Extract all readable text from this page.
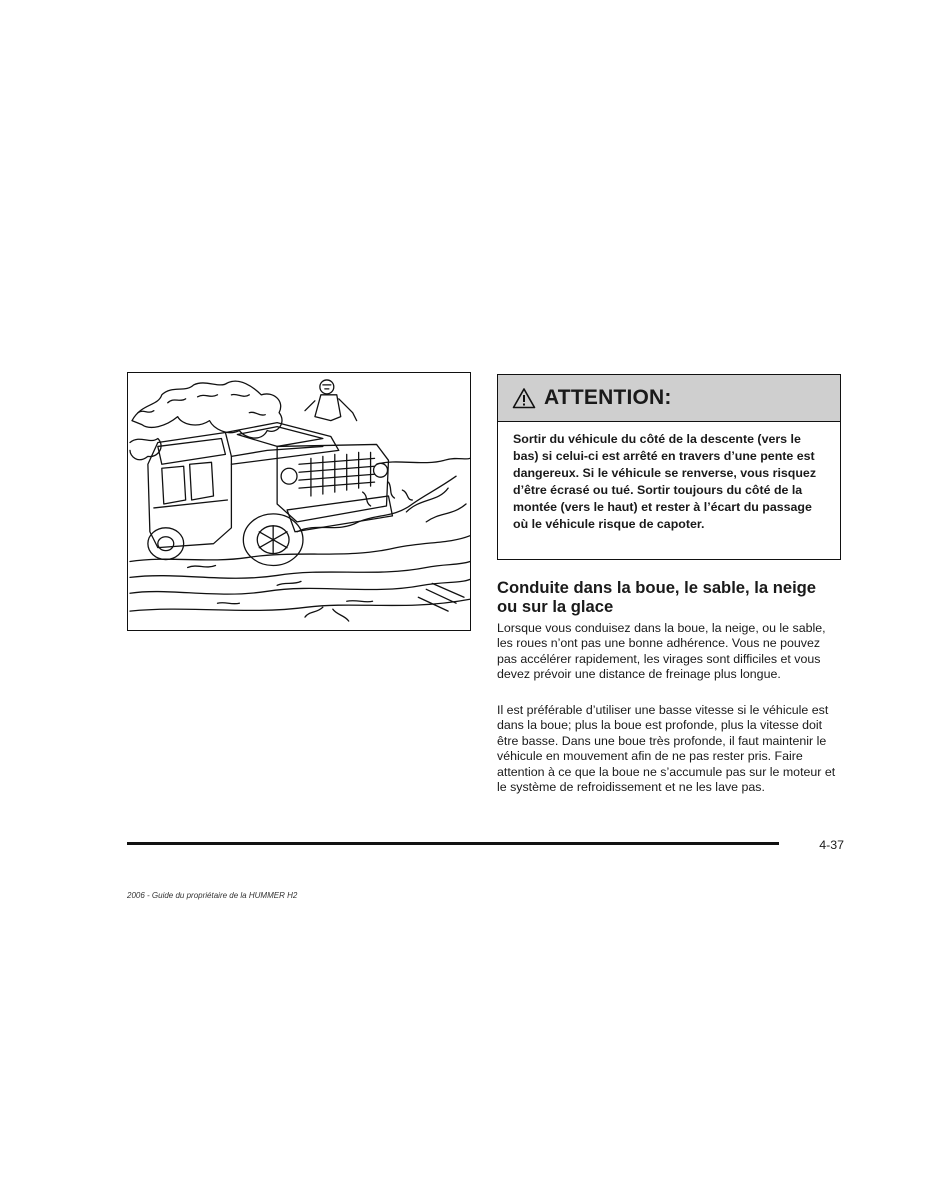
ATTENTION:
Sortir du véhicule du côté de la descente (vers le bas) si celui-ci est arrêté en travers d’une pente est dangereux. Si le véhicule se renverse, vous risquez d’être écrasé ou tué. Sortir toujours du côté de la montée (vers le haut) et rester à l’écart du passage où le véhicule risque de capoter.
Conduite dans la boue, le sable, la neige ou sur la glace

Lorsque vous conduisez dans la boue, la neige, ou le sable, les roues n’ont pas une bonne adhérence. Vous ne pouvez pas accélérer rapidement, les virages sont difficiles et vous devez prévoir une distance de freinage plus longue.

Il est préférable d’utiliser une basse vitesse si le véhicule est dans la boue; plus la boue est profonde, plus la vitesse doit être basse. Dans une boue très profonde, il faut maintenir le véhicule en mouvement afin de ne pas rester pris. Faire attention à ce que la boue ne s’accumule pas sur le moteur et le système de refroidissement et ne les lave pas.

4-37
2006 - Guide du propriétaire de la HUMMER H2
